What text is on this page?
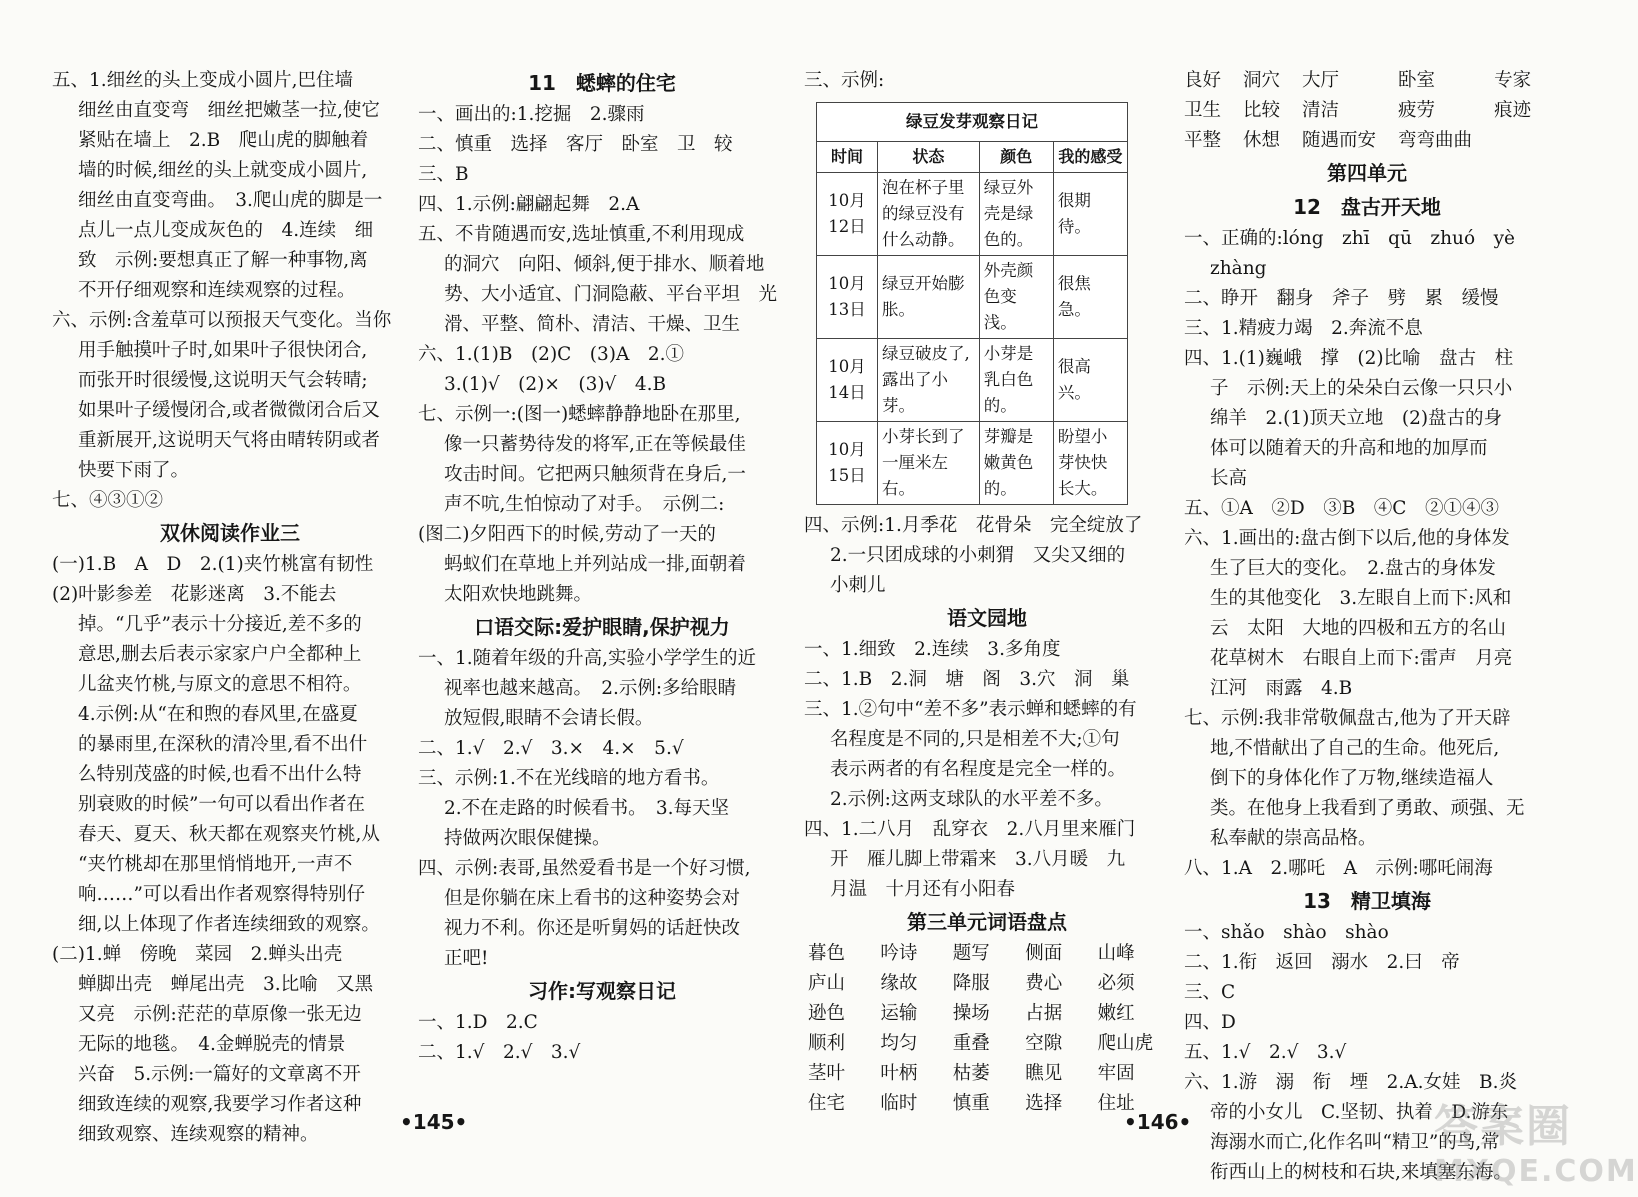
五、1.细丝的头上变成小圆片,巴住墙
细丝由直变弯　细丝把嫩茎一拉,使它
紧贴在墙上　2.B　爬山虎的脚触着
墙的时候,细丝的头上就变成小圆片,
细丝由直变弯曲。　3.爬山虎的脚是一
点儿一点儿变成灰色的　4.连续　细
致　示例:要想真正了解一种事物,离
不开仔细观察和连续观察的过程。
六、示例:含羞草可以预报天气变化。当你
用手触摸叶子时,如果叶子很快闭合,
而张开时很缓慢,这说明天气会转晴;
如果叶子缓慢闭合,或者微微闭合后又
重新展开,这说明天气将由晴转阴或者
快要下雨了。
七、④③①②
双休阅读作业三
(一)1.B　A　D　2.(1)夹竹桃富有韧性
(2)叶影参差　花影迷离　3.不能去
掉。“几乎”表示十分接近,差不多的
意思,删去后表示家家户户全都种上
儿盆夹竹桃,与原文的意思不相符。
4.示例:从“在和煦的春风里,在盛夏
的暴雨里,在深秋的清冷里,看不出什
么特别茂盛的时候,也看不出什么特
别衰败的时候”一句可以看出作者在
春天、夏天、秋天都在观察夹竹桃,从
“夹竹桃却在那里悄悄地开,一声不
响……”可以看出作者观察得特别仔
细,以上体现了作者连续细致的观察。
(二)1.蝉　傍晚　菜园　2.蝉头出壳
蝉脚出壳　蝉尾出壳　3.比喻　又黑
又亮　示例:茫茫的草原像一张无边
无际的地毯。　4.金蝉脱壳的情景
兴奋　5.示例:一篇好的文章离不开
细致连续的观察,我要学习作者这种
细致观察、连续观察的精神。
11　蟋蟀的住宅
一、画出的:1.挖掘　2.骤雨
二、慎重　选择　客厅　卧室　卫　较
三、B
四、1.示例:翩翩起舞　2.A
五、不肯随遇而安,选址慎重,不利用现成
的洞穴　向阳、倾斜,便于排水、顺着地
势、大小适宜、门洞隐蔽、平台平坦　光
滑、平整、简朴、清洁、干燥、卫生
六、1.(1)B　(2)C　(3)A　2.①
3.(1)√　(2)×　(3)√　4.B
七、示例一:(图一)蟋蟀静静地卧在那里,
像一只蓄势待发的将军,正在等候最佳
攻击时间。它把两只触须背在身后,一
声不吭,生怕惊动了对手。　示例二:
(图二)夕阳西下的时候,劳动了一天的
蚂蚁们在草地上并列站成一排,面朝着
太阳欢快地跳舞。
口语交际:爱护眼睛,保护视力
一、1.随着年级的升高,实验小学学生的近
视率也越来越高。　2.示例:多给眼睛
放短假,眼睛不会请长假。
二、1.√　2.√　3.×　4.×　5.√
三、示例:1.不在光线暗的地方看书。
2.不在走路的时候看书。　3.每天坚
持做两次眼保健操。
四、示例:表哥,虽然爱看书是一个好习惯,
但是你躺在床上看书的这种姿势会对
视力不利。你还是听舅妈的话赶快改
正吧!
习作:写观察日记
一、1.D　2.C
二、1.√　2.√　3.√
三、示例:
绿豆发芽观察日记			
时间	状态	颜色	我的感受
10月12日	泡在杯子里的绿豆没有什么动静。	绿豆外壳是绿色的。	很期待。
10月13日	绿豆开始膨胀。	外壳颜色变浅。	很焦急。
10月14日	绿豆破皮了,露出了小芽。	小芽是乳白色的。	很高兴。
10月15日	小芽长到了一厘米左右。	芽瓣是嫩黄色的。	盼望小芽快快长大。
四、示例:1.月季花　花骨朵　完全绽放了
2.一只团成球的小刺猬　又尖又细的
小刺儿
语文园地
一、1.细致　2.连续　3.多角度
二、1.B　2.洞　塘　阁　3.穴　洞　巢
三、1.②句中“差不多”表示蝉和蟋蟀的有
名程度是不同的,只是相差不大;①句
表示两者的有名程度是完全一样的。
2.示例:这两支球队的水平差不多。
四、1.二八月　乱穿衣　2.八月里来雁门
开　雁儿脚上带霜来　3.八月暖　九
月温　十月还有小阳春
第三单元词语盘点
暮色	吟诗	题写	侧面	山峰
庐山	缘故	降服	费心	必须
逊色	运输	操场	占据	嫩红
顺利	均匀	重叠	空隙	爬山虎
茎叶	叶柄	枯萎	瞧见	牢固
住宅	临时	慎重	选择	住址
良好 洞穴 大厅	卧室	专家
卫生 比较 清洁	疲劳	痕迹
平整 休想 随遇而安 弯弯曲曲
第四单元
12　盘古开天地
一、正确的:lóng　zhī　qū　zhuó　yè
zhàng
二、睁开　翻身　斧子　劈　累　缓慢
三、1.精疲力竭　2.奔流不息
四、1.(1)巍峨　撑　(2)比喻　盘古　柱
子　示例:天上的朵朵白云像一只只小
绵羊　2.(1)顶天立地　(2)盘古的身
体可以随着天的升高和地的加厚而
长高
五、①A　②D　③B　④C　②①④③
六、1.画出的:盘古倒下以后,他的身体发
生了巨大的变化。　2.盘古的身体发
生的其他变化　3.左眼自上而下:风和
云　太阳　大地的四极和五方的名山
花草树木　右眼自上而下:雷声　月亮
江河　雨露　4.B
七、示例:我非常敬佩盘古,他为了开天辟
地,不惜献出了自己的生命。他死后,
倒下的身体化作了万物,继续造福人
类。在他身上我看到了勇敢、顽强、无
私奉献的崇高品格。
八、1.A　2.哪吒　A　示例:哪吒闹海
13　精卫填海
一、shǎo　shào　shào
二、1.衔　返回　溺水　2.曰　帝
三、C
四、D
五、1.√　2.√　3.√
六、1.游　溺　衔　堙　2.A.女娃　B.炎
帝的小女儿　C.坚韧、执着　D.游东
海溺水而亡,化作名叫“精卫”的鸟,常
衔西山上的树枝和石块,来填塞东海。
•145•	•146•	答案圈
MXQE.COM
